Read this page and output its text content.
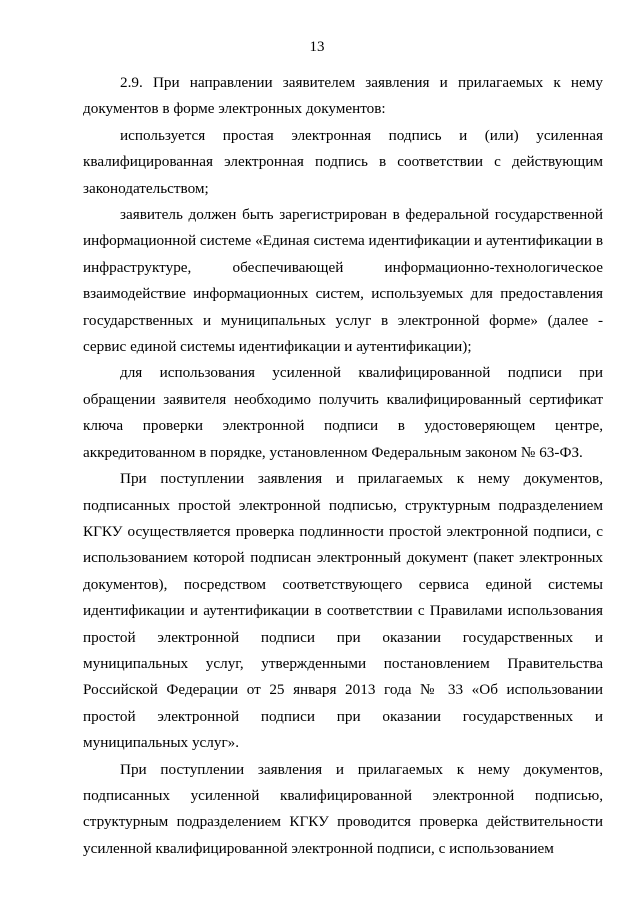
13

2.9. При направлении заявителем заявления и прилагаемых к нему документов в форме электронных документов:

используется простая электронная подпись и (или) усиленная квалифицированная электронная подпись в соответствии с действующим законодательством;

заявитель должен быть зарегистрирован в федеральной государственной информационной системе «Единая система идентификации и аутентификации в инфраструктуре, обеспечивающей информационно-технологическое взаимодействие информационных систем, используемых для предоставления государственных и муниципальных услуг в электронной форме» (далее - сервис единой системы идентификации и аутентификации);

для использования усиленной квалифицированной подписи при обращении заявителя необходимо получить квалифицированный сертификат ключа проверки электронной подписи в удостоверяющем центре, аккредитованном в порядке, установленном Федеральным законом № 63-ФЗ.

При поступлении заявления и прилагаемых к нему документов, подписанных простой электронной подписью, структурным подразделением КГКУ осуществляется проверка подлинности простой электронной подписи, с использованием которой подписан электронный документ (пакет электронных документов), посредством соответствующего сервиса единой системы идентификации и аутентификации в соответствии с Правилами использования простой электронной подписи при оказании государственных и муниципальных услуг, утвержденными постановлением Правительства Российской Федерации от 25 января 2013 года № 33 «Об использовании простой электронной подписи при оказании государственных и муниципальных услуг».

При поступлении заявления и прилагаемых к нему документов, подписанных усиленной квалифицированной электронной подписью, структурным подразделением КГКУ проводится проверка действительности усиленной квалифицированной электронной подписи, с использованием
